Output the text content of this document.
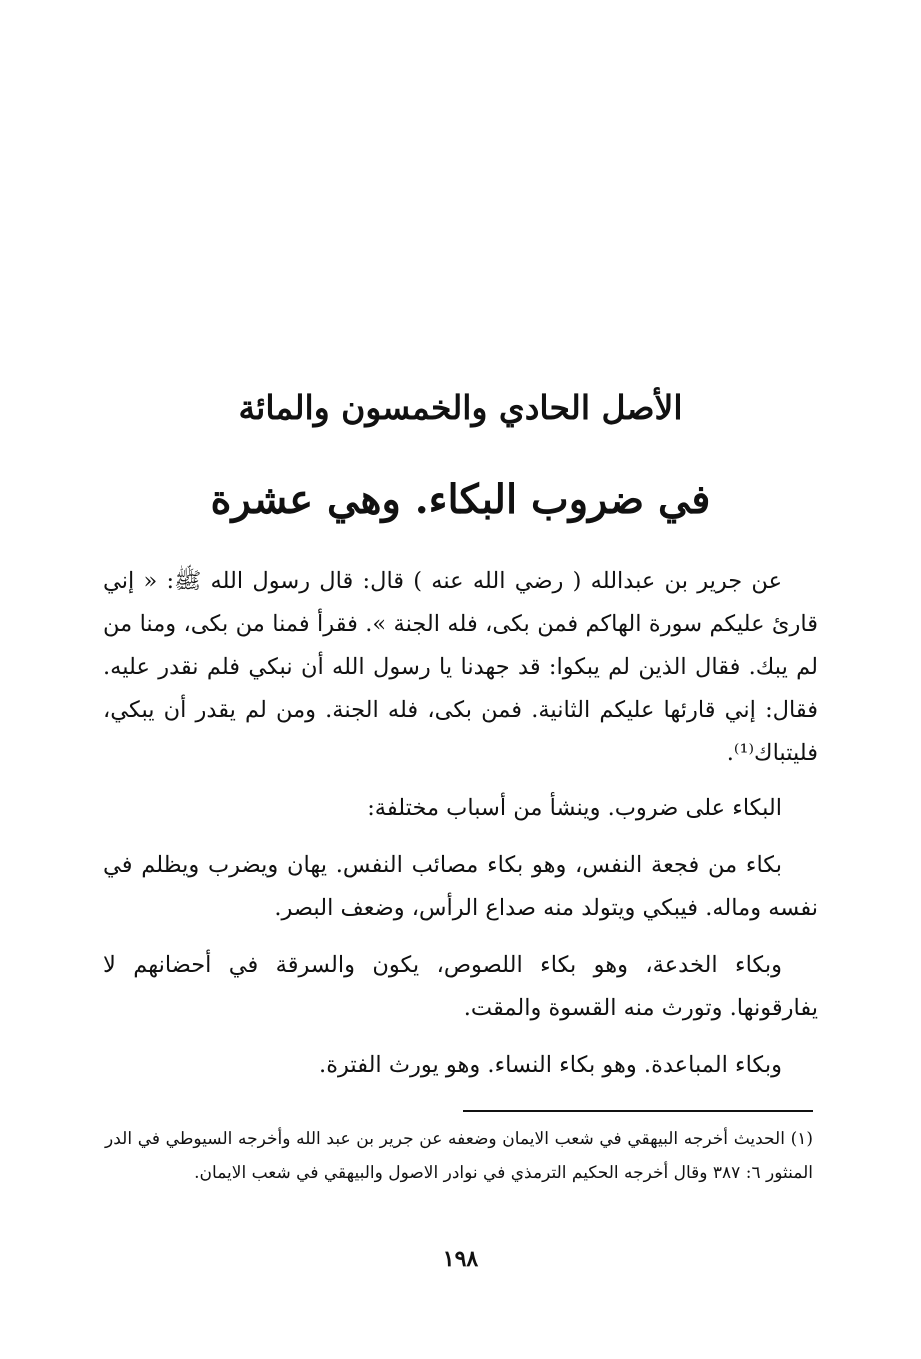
الأصل الحادي والخمسون والمائة
في ضروب البكاء. وهي عشرة

عن جرير بن عبدالله ( رضي الله عنه ) قال: قال رسول الله ﷺ: « إني قارئ عليكم سورة الهاكم فمن بكى، فله الجنة ». فقرأ فمنا من بكى، ومنا من لم يبك. فقال الذين لم يبكوا: قد جهدنا يا رسول الله أن نبكي فلم نقدر عليه. فقال: إني قارئها عليكم الثانية. فمن بكى، فله الجنة. ومن لم يقدر أن يبكي، فليتباك⁽¹⁾.

البكاء على ضروب. وينشأ من أسباب مختلفة:

بكاء من فجعة النفس، وهو بكاء مصائب النفس. يهان ويضرب ويظلم في نفسه وماله. فيبكي ويتولد منه صداع الرأس، وضعف البصر.

وبكاء الخدعة، وهو بكاء اللصوص، يكون والسرقة في أحضانهم لا يفارقونها. وتورث منه القسوة والمقت.

وبكاء المباعدة. وهو بكاء النساء. وهو يورث الفترة.

(١) الحديث أخرجه البيهقي في شعب الايمان وضعفه عن جرير بن عبد الله وأخرجه السيوطي في الدر المنثور ٦: ٣٨٧ وقال أخرجه الحكيم الترمذي في نوادر الاصول والبيهقي في شعب الايمان.
١٩٨
